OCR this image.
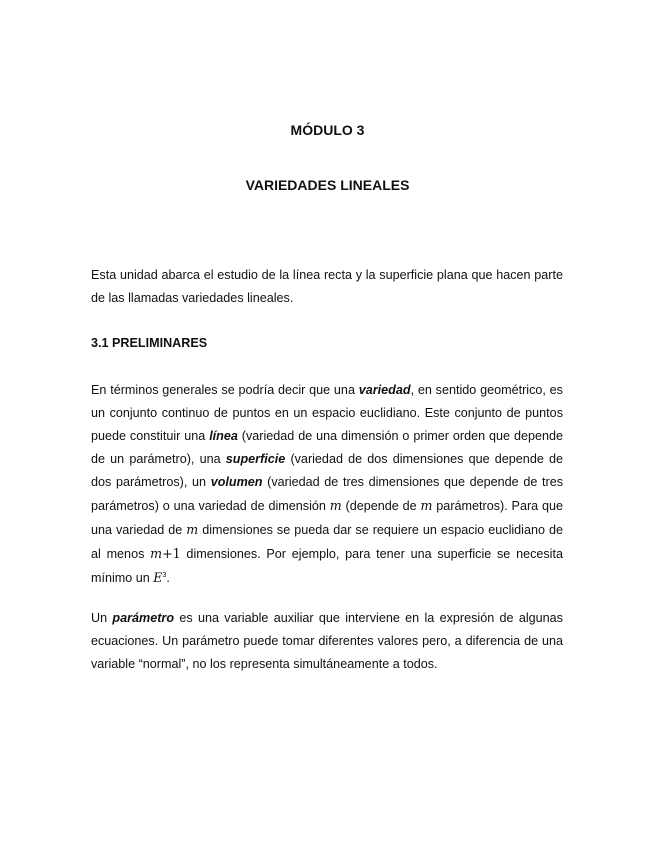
MÓDULO 3
VARIEDADES LINEALES

Esta unidad abarca el estudio de la línea recta y la superficie plana que hacen parte de las llamadas variedades lineales.

3.1 PRELIMINARES

En términos generales se podría decir que una variedad, en sentido geométrico, es un conjunto continuo de puntos en un espacio euclidiano. Este conjunto de puntos puede constituir una línea (variedad de una dimensión o primer orden que depende de un parámetro), una superficie (variedad de dos dimensiones que depende de dos parámetros), un volumen (variedad de tres dimensiones que depende de tres parámetros) o una variedad de dimensión m (depende de m parámetros). Para que una variedad de m dimensiones se pueda dar se requiere un espacio euclidiano de al menos m+1 dimensiones. Por ejemplo, para tener una superficie se necesita mínimo un $E^3$.

Un parámetro es una variable auxiliar que interviene en la expresión de algunas ecuaciones. Un parámetro puede tomar diferentes valores pero, a diferencia de una variable “normal”, no los representa simultáneamente a todos.
